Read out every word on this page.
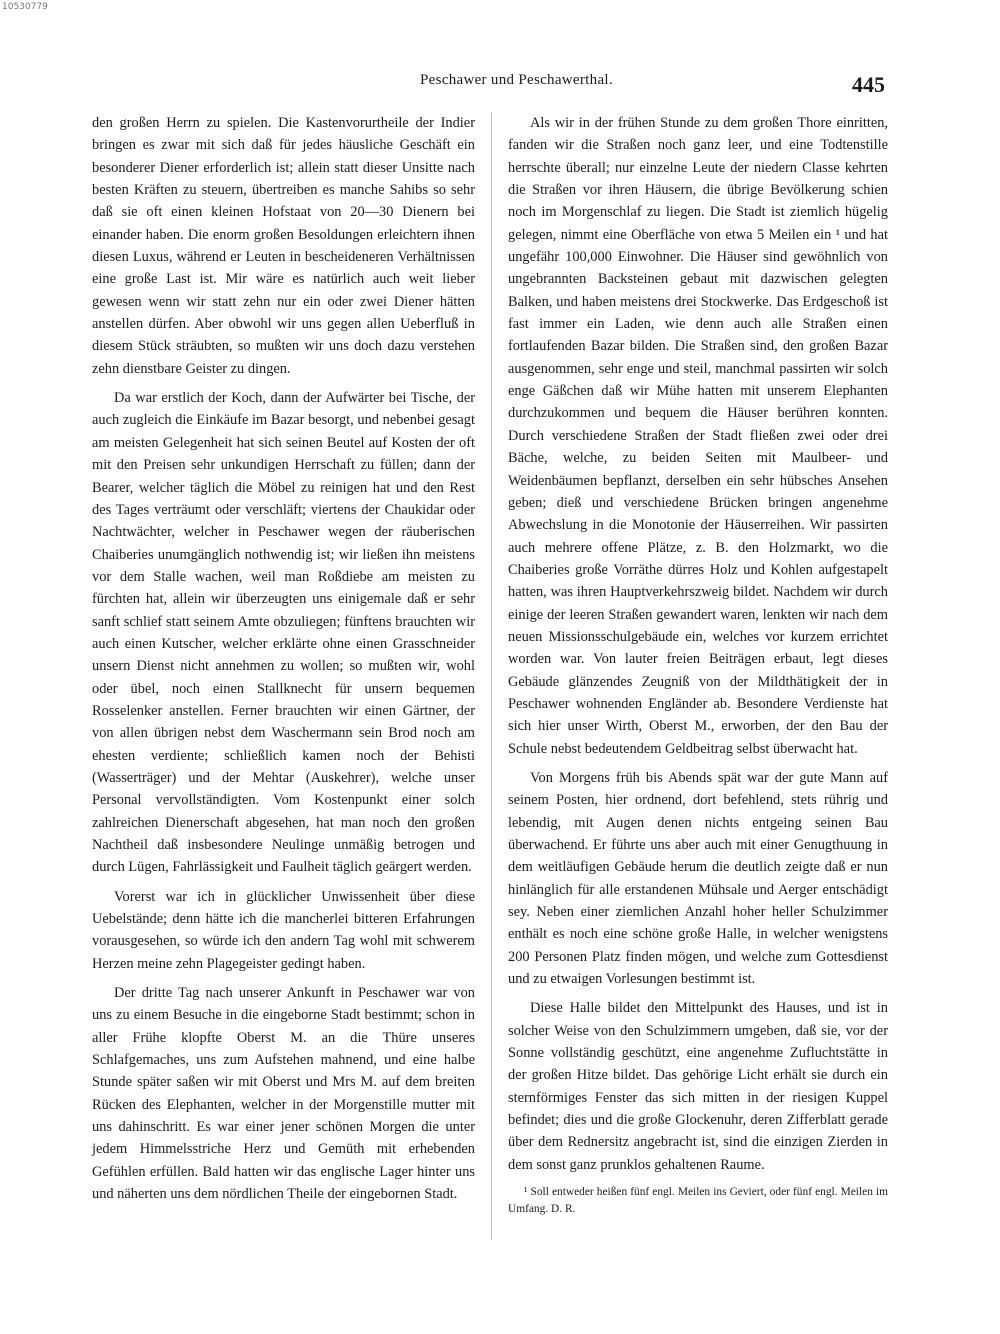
10530779
Peschawer und Peschawerthal.	445

den großen Herrn zu spielen. Die Kastenvorurtheile der Indier bringen es zwar mit sich daß für jedes häusliche Geschäft ein besonderer Diener erforderlich ist; allein statt dieser Unsitte nach besten Kräften zu steuern, übertreiben es manche Sahibs so sehr daß sie oft einen kleinen Hofstaat von 20—30 Dienern bei einander haben. Die enorm großen Besoldungen erleichtern ihnen diesen Luxus, während er Leuten in bescheideneren Verhältnissen eine große Last ist. Mir wäre es natürlich auch weit lieber gewesen wenn wir statt zehn nur ein oder zwei Diener hätten anstellen dürfen. Aber obwohl wir uns gegen allen Ueberfluß in diesem Stück sträubten, so mußten wir uns doch dazu verstehen zehn dienstbare Geister zu dingen.

Da war erstlich der Koch, dann der Aufwärter bei Tische, der auch zugleich die Einkäufe im Bazar besorgt, und nebenbei gesagt am meisten Gelegenheit hat sich seinen Beutel auf Kosten der oft mit den Preisen sehr unkundigen Herrschaft zu füllen; dann der Bearer, welcher täglich die Möbel zu reinigen hat und den Rest des Tages verträumt oder verschläft; viertens der Chaukidar oder Nachtwächter, welcher in Peschawer wegen der räuberischen Chaiberies unumgänglich nothwendig ist; wir ließen ihn meistens vor dem Stalle wachen, weil man Roßdiebe am meisten zu fürchten hat, allein wir überzeugten uns einigemale daß er sehr sanft schlief statt seinem Amte obzuliegen; fünftens brauchten wir auch einen Kutscher, welcher erklärte ohne einen Grasschneider unsern Dienst nicht annehmen zu wollen; so mußten wir, wohl oder übel, noch einen Stallknecht für unsern bequemen Rosselenker anstellen. Ferner brauchten wir einen Gärtner, der von allen übrigen nebst dem Waschermann sein Brod noch am ehesten verdiente; schließlich kamen noch der Behisti (Wasserträger) und der Mehtar (Auskehrer), welche unser Personal vervollständigten. Vom Kostenpunkt einer solch zahlreichen Dienerschaft abgesehen, hat man noch den großen Nachtheil daß insbesondere Neulinge unmäßig betrogen und durch Lügen, Fahrlässigkeit und Faulheit täglich geärgert werden.

Vorerst war ich in glücklicher Unwissenheit über diese Uebelstände; denn hätte ich die mancherlei bitteren Erfahrungen vorausgesehen, so würde ich den andern Tag wohl mit schwerem Herzen meine zehn Plagegeister gedingt haben.

Der dritte Tag nach unserer Ankunft in Peschawer war von uns zu einem Besuche in die eingeborne Stadt bestimmt; schon in aller Frühe klopfte Oberst M. an die Thüre unseres Schlafgemaches, uns zum Aufstehen mahnend, und eine halbe Stunde später saßen wir mit Oberst und Mrs M. auf dem breiten Rücken des Elephanten, welcher in der Morgenstille mutter mit uns dahinschritt. Es war einer jener schönen Morgen die unter jedem Himmelsstriche Herz und Gemüth mit erhebenden Gefühlen erfüllen. Bald hatten wir das englische Lager hinter uns und näherten uns dem nördlichen Theile der eingebornen Stadt.

Als wir in der frühen Stunde zu dem großen Thore einritten, fanden wir die Straßen noch ganz leer, und eine Todtenstille herrschte überall; nur einzelne Leute der niedern Classe kehrten die Straßen vor ihren Häusern, die übrige Bevölkerung schien noch im Morgenschlaf zu liegen. Die Stadt ist ziemlich hügelig gelegen, nimmt eine Oberfläche von etwa 5 Meilen ein ¹ und hat ungefähr 100,000 Einwohner. Die Häuser sind gewöhnlich von ungebrannten Backsteinen gebaut mit dazwischen gelegten Balken, und haben meistens drei Stockwerke. Das Erdgeschoß ist fast immer ein Laden, wie denn auch alle Straßen einen fortlaufenden Bazar bilden. Die Straßen sind, den großen Bazar ausgenommen, sehr enge und steil, manchmal passirten wir solch enge Gäßchen daß wir Mühe hatten mit unserem Elephanten durchzukommen und bequem die Häuser berühren konnten. Durch verschiedene Straßen der Stadt fließen zwei oder drei Bäche, welche, zu beiden Seiten mit Maulbeer- und Weidenbäumen bepflanzt, derselben ein sehr hübsches Ansehen geben; dieß und verschiedene Brücken bringen angenehme Abwechslung in die Monotonie der Häuserreihen. Wir passirten auch mehrere offene Plätze, z. B. den Holzmarkt, wo die Chaiberies große Vorräthe dürres Holz und Kohlen aufgestapelt hatten, was ihren Hauptverkehrszweig bildet. Nachdem wir durch einige der leeren Straßen gewandert waren, lenkten wir nach dem neuen Missionsschulgebäude ein, welches vor kurzem errichtet worden war. Von lauter freien Beiträgen erbaut, legt dieses Gebäude glänzendes Zeugniß von der Mildthätigkeit der in Peschawer wohnenden Engländer ab. Besondere Verdienste hat sich hier unser Wirth, Oberst M., erworben, der den Bau der Schule nebst bedeutendem Geldbeitrag selbst überwacht hat.

Von Morgens früh bis Abends spät war der gute Mann auf seinem Posten, hier ordnend, dort befehlend, stets rührig und lebendig, mit Augen denen nichts entgeing seinen Bau überwachend. Er führte uns aber auch mit einer Genugthuung in dem weitläufigen Gebäude herum die deutlich zeigte daß er nun hinlänglich für alle erstandenen Mühsale und Aerger entschädigt sey. Neben einer ziemlichen Anzahl hoher heller Schulzimmer enthält es noch eine schöne große Halle, in welcher wenigstens 200 Personen Platz finden mögen, und welche zum Gottesdienst und zu etwaigen Vorlesungen bestimmt ist.

Diese Halle bildet den Mittelpunkt des Hauses, und ist in solcher Weise von den Schulzimmern umgeben, daß sie, vor der Sonne vollständig geschützt, eine angenehme Zufluchtstätte in der großen Hitze bildet. Das gehörige Licht erhält sie durch ein sternförmiges Fenster das sich mitten in der riesigen Kuppel befindet; dies und die große Glockenuhr, deren Zifferblatt gerade über dem Rednersitz angebracht ist, sind die einzigen Zierden in dem sonst ganz prunklos gehaltenen Raume.

¹ Soll entweder heißen fünf engl. Meilen ins Geviert, oder fünf engl. Meilen im Umfang. D. R.
